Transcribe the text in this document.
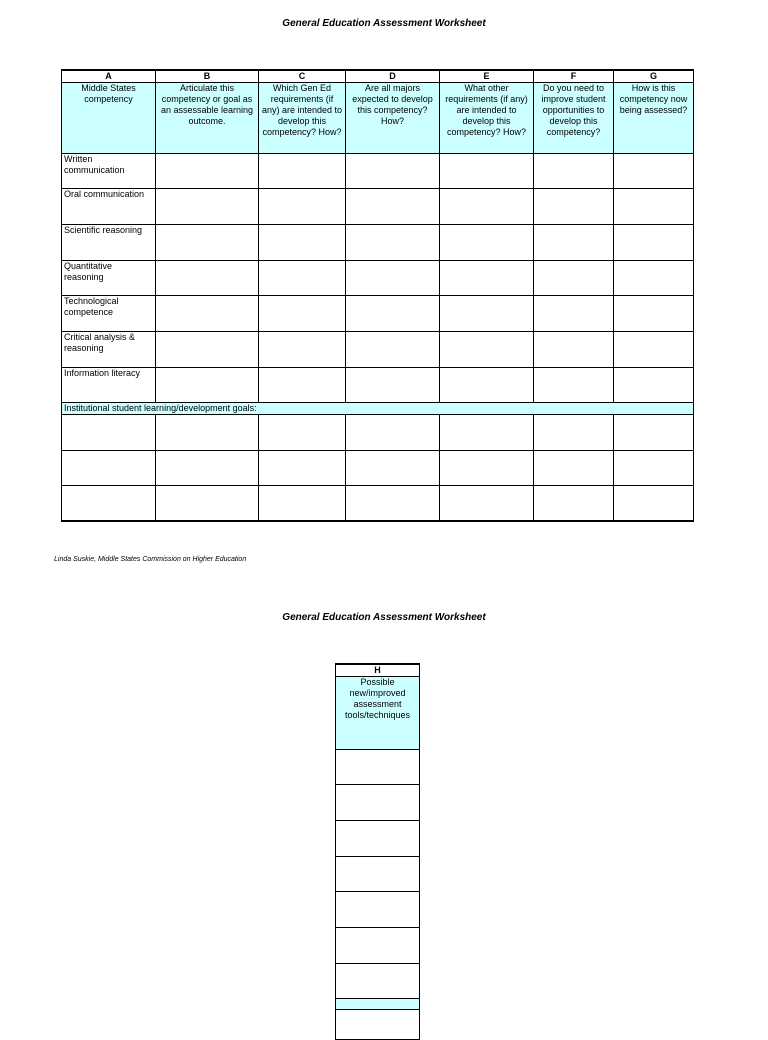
General Education Assessment Worksheet
A	B	C	D	E	F	G
Middle States competency	Articulate this competency or goal as an assessable learning outcome.	Which Gen Ed requirements (if any) are intended to develop this competency? How?	Are all majors expected to develop this competency? How?	What other requirements (if any) are intended to develop this competency? How?	Do you need to improve student opportunities to develop this competency?	How is this competency now being assessed?
Written communication						
Oral communication						
Scientific reasoning						
Quantitative reasoning						
Technological competence						
Critical analysis & reasoning						
Information literacy						
Institutional student learning/development goals:						

Linda Suskie, Middle States Commission on Higher Education
General Education Assessment Worksheet
H
Possible new/improved assessment tools/techniques
